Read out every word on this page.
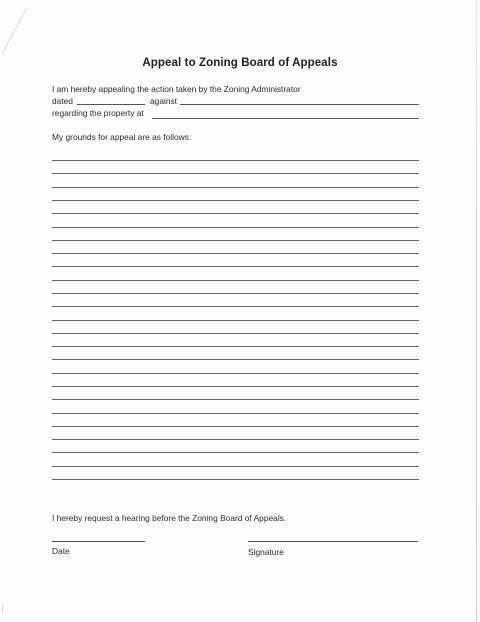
Appeal to Zoning Board of Appeals
I am hereby appealing the action taken by the Zoning Administrator
dated	against
regarding the property at
My grounds for appeal are as follows:
I hereby request a hearing before the Zoning Board of Appeals.
Date	Signature
